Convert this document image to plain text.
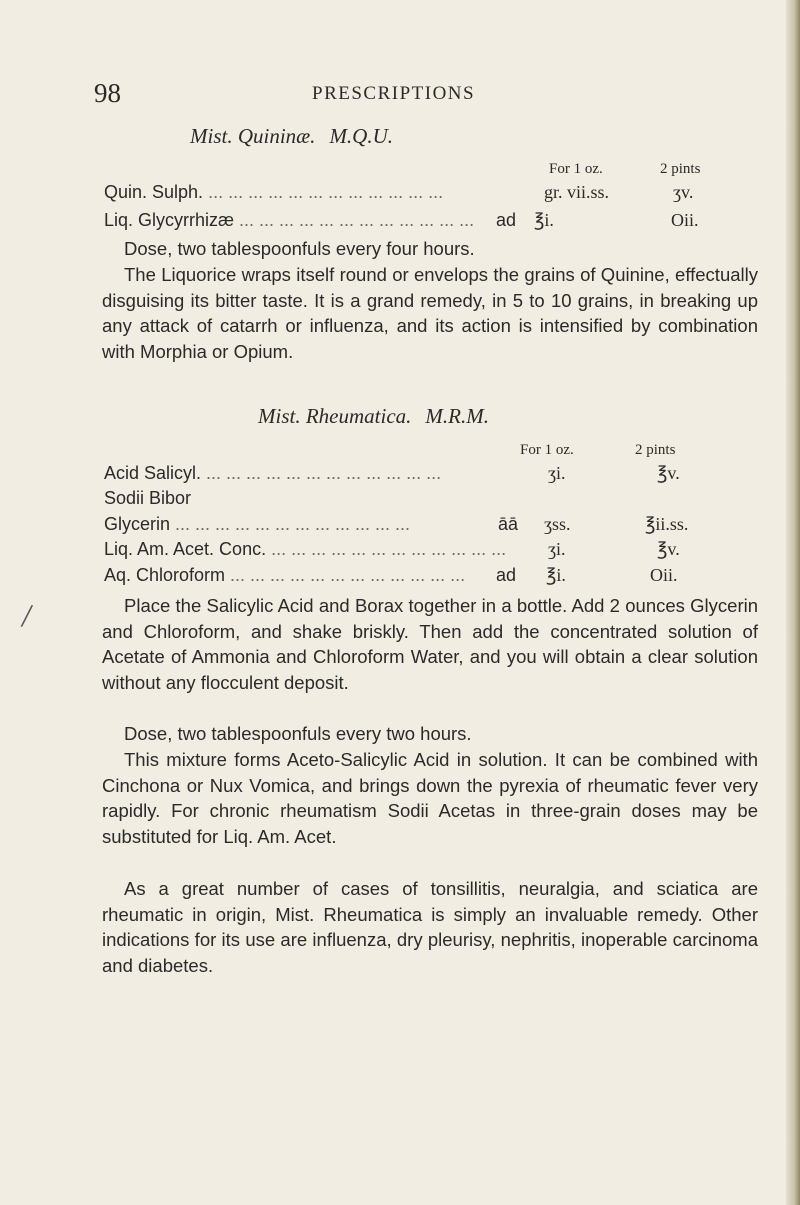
98	PRESCRIPTIONS
Mist. Quininæ. M.Q.U.
For 1 oz.	2 pints
Quin. Sulph. ... .	gr. vii.ss.	ʒv.
Liq. Glycyrrhizæ ... .	ad ℥i.	Oii.

Dose, two tablespoonfuls every four hours.

The Liquorice wraps itself round or envelops the grains of Quinine, effectually disguising its bitter taste. It is a grand remedy, in 5 to 10 grains, in breaking up any attack of catarrh or influenza, and its action is intensified by combination with Morphia or Opium.

Mist. Rheumatica. M.R.M.
For 1 oz.	2 pints
Acid Salicyl. ... .	ʒi.	℥v.
Sodii Bibor
Glycerin ... .	āā ʒss.	℥ii.ss.
Liq. Am. Acet. Conc. ... .	ʒi.	℥v.
Aq. Chloroform ... .	ad ℥i.	Oii.

Place the Salicylic Acid and Borax together in a bottle. Add 2 ounces Glycerin and Chloroform, and shake briskly. Then add the concentrated solution of Acetate of Ammonia and Chloroform Water, and you will obtain a clear solution without any flocculent deposit.

Dose, two tablespoonfuls every two hours.

This mixture forms Aceto-Salicylic Acid in solution. It can be combined with Cinchona or Nux Vomica, and brings down the pyrexia of rheumatic fever very rapidly. For chronic rheumatism Sodii Acetas in three-grain doses may be substituted for Liq. Am. Acet.

As a great number of cases of tonsillitis, neuralgia, and sciatica are rheumatic in origin, Mist. Rheumatica is simply an invaluable remedy. Other indications for its use are influenza, dry pleurisy, nephritis, inoperable carcinoma and diabetes.

/
